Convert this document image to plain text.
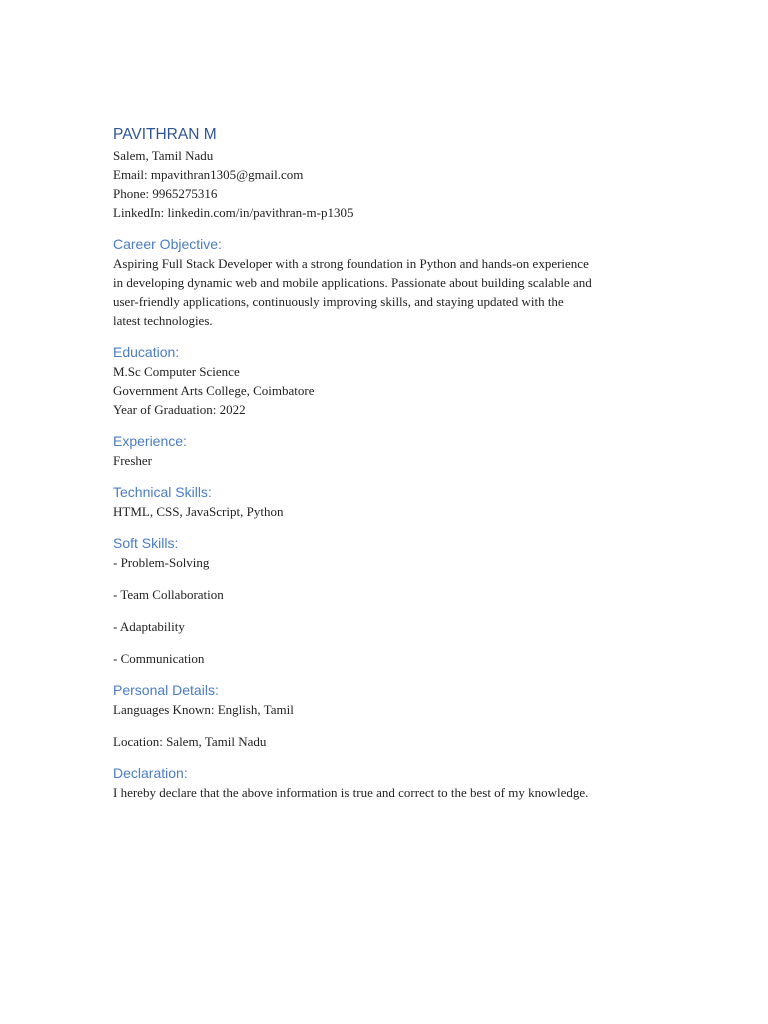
PAVITHRAN M

Salem, Tamil Nadu

Email: mpavithran1305@gmail.com

Phone: 9965275316

LinkedIn: linkedin.com/in/pavithran-m-p1305

Career Objective:

Aspiring Full Stack Developer with a strong foundation in Python and hands-on experience

in developing dynamic web and mobile applications. Passionate about building scalable and

user-friendly applications, continuously improving skills, and staying updated with the

latest technologies.

Education:

M.Sc Computer Science

Government Arts College, Coimbatore

Year of Graduation: 2022

Experience:

Fresher

Technical Skills:

HTML, CSS, JavaScript, Python

Soft Skills:

- Problem-Solving

- Team Collaboration

- Adaptability

- Communication

Personal Details:

Languages Known: English, Tamil

Location: Salem, Tamil Nadu

Declaration:

I hereby declare that the above information is true and correct to the best of my knowledge.
